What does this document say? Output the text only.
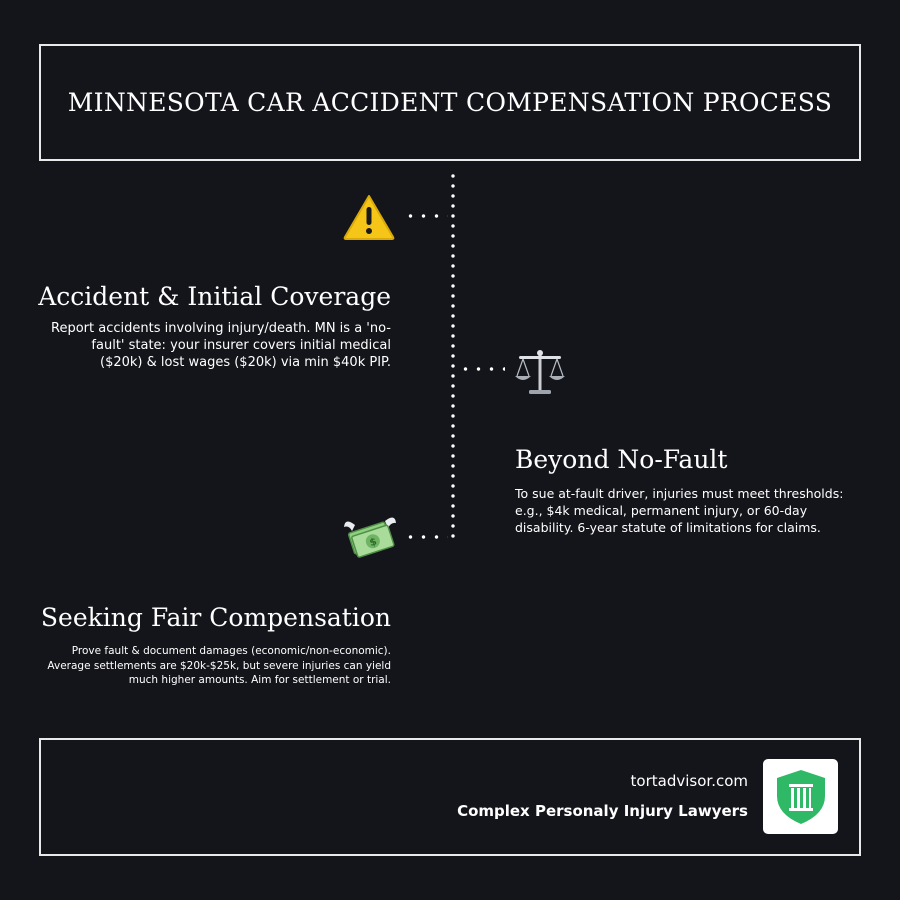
MINNESOTA CAR ACCIDENT COMPENSATION PROCESS
$
Accident & Initial Coverage
Report accidents involving injury/death. MN is a 'no-fault' state: your insurer covers initial medical ($20k) & lost wages ($20k) via min $40k PIP.
Beyond No-Fault
To sue at-fault driver, injuries must meet thresholds: e.g., $4k medical, permanent injury, or 60-day disability. 6-year statute of limitations for claims.
Seeking Fair Compensation
Prove fault & document damages (economic/non-economic). Average settlements are $20k-$25k, but severe injuries can yield much higher amounts. Aim for settlement or trial.
tortadvisor.com
Complex Personaly Injury Lawyers
